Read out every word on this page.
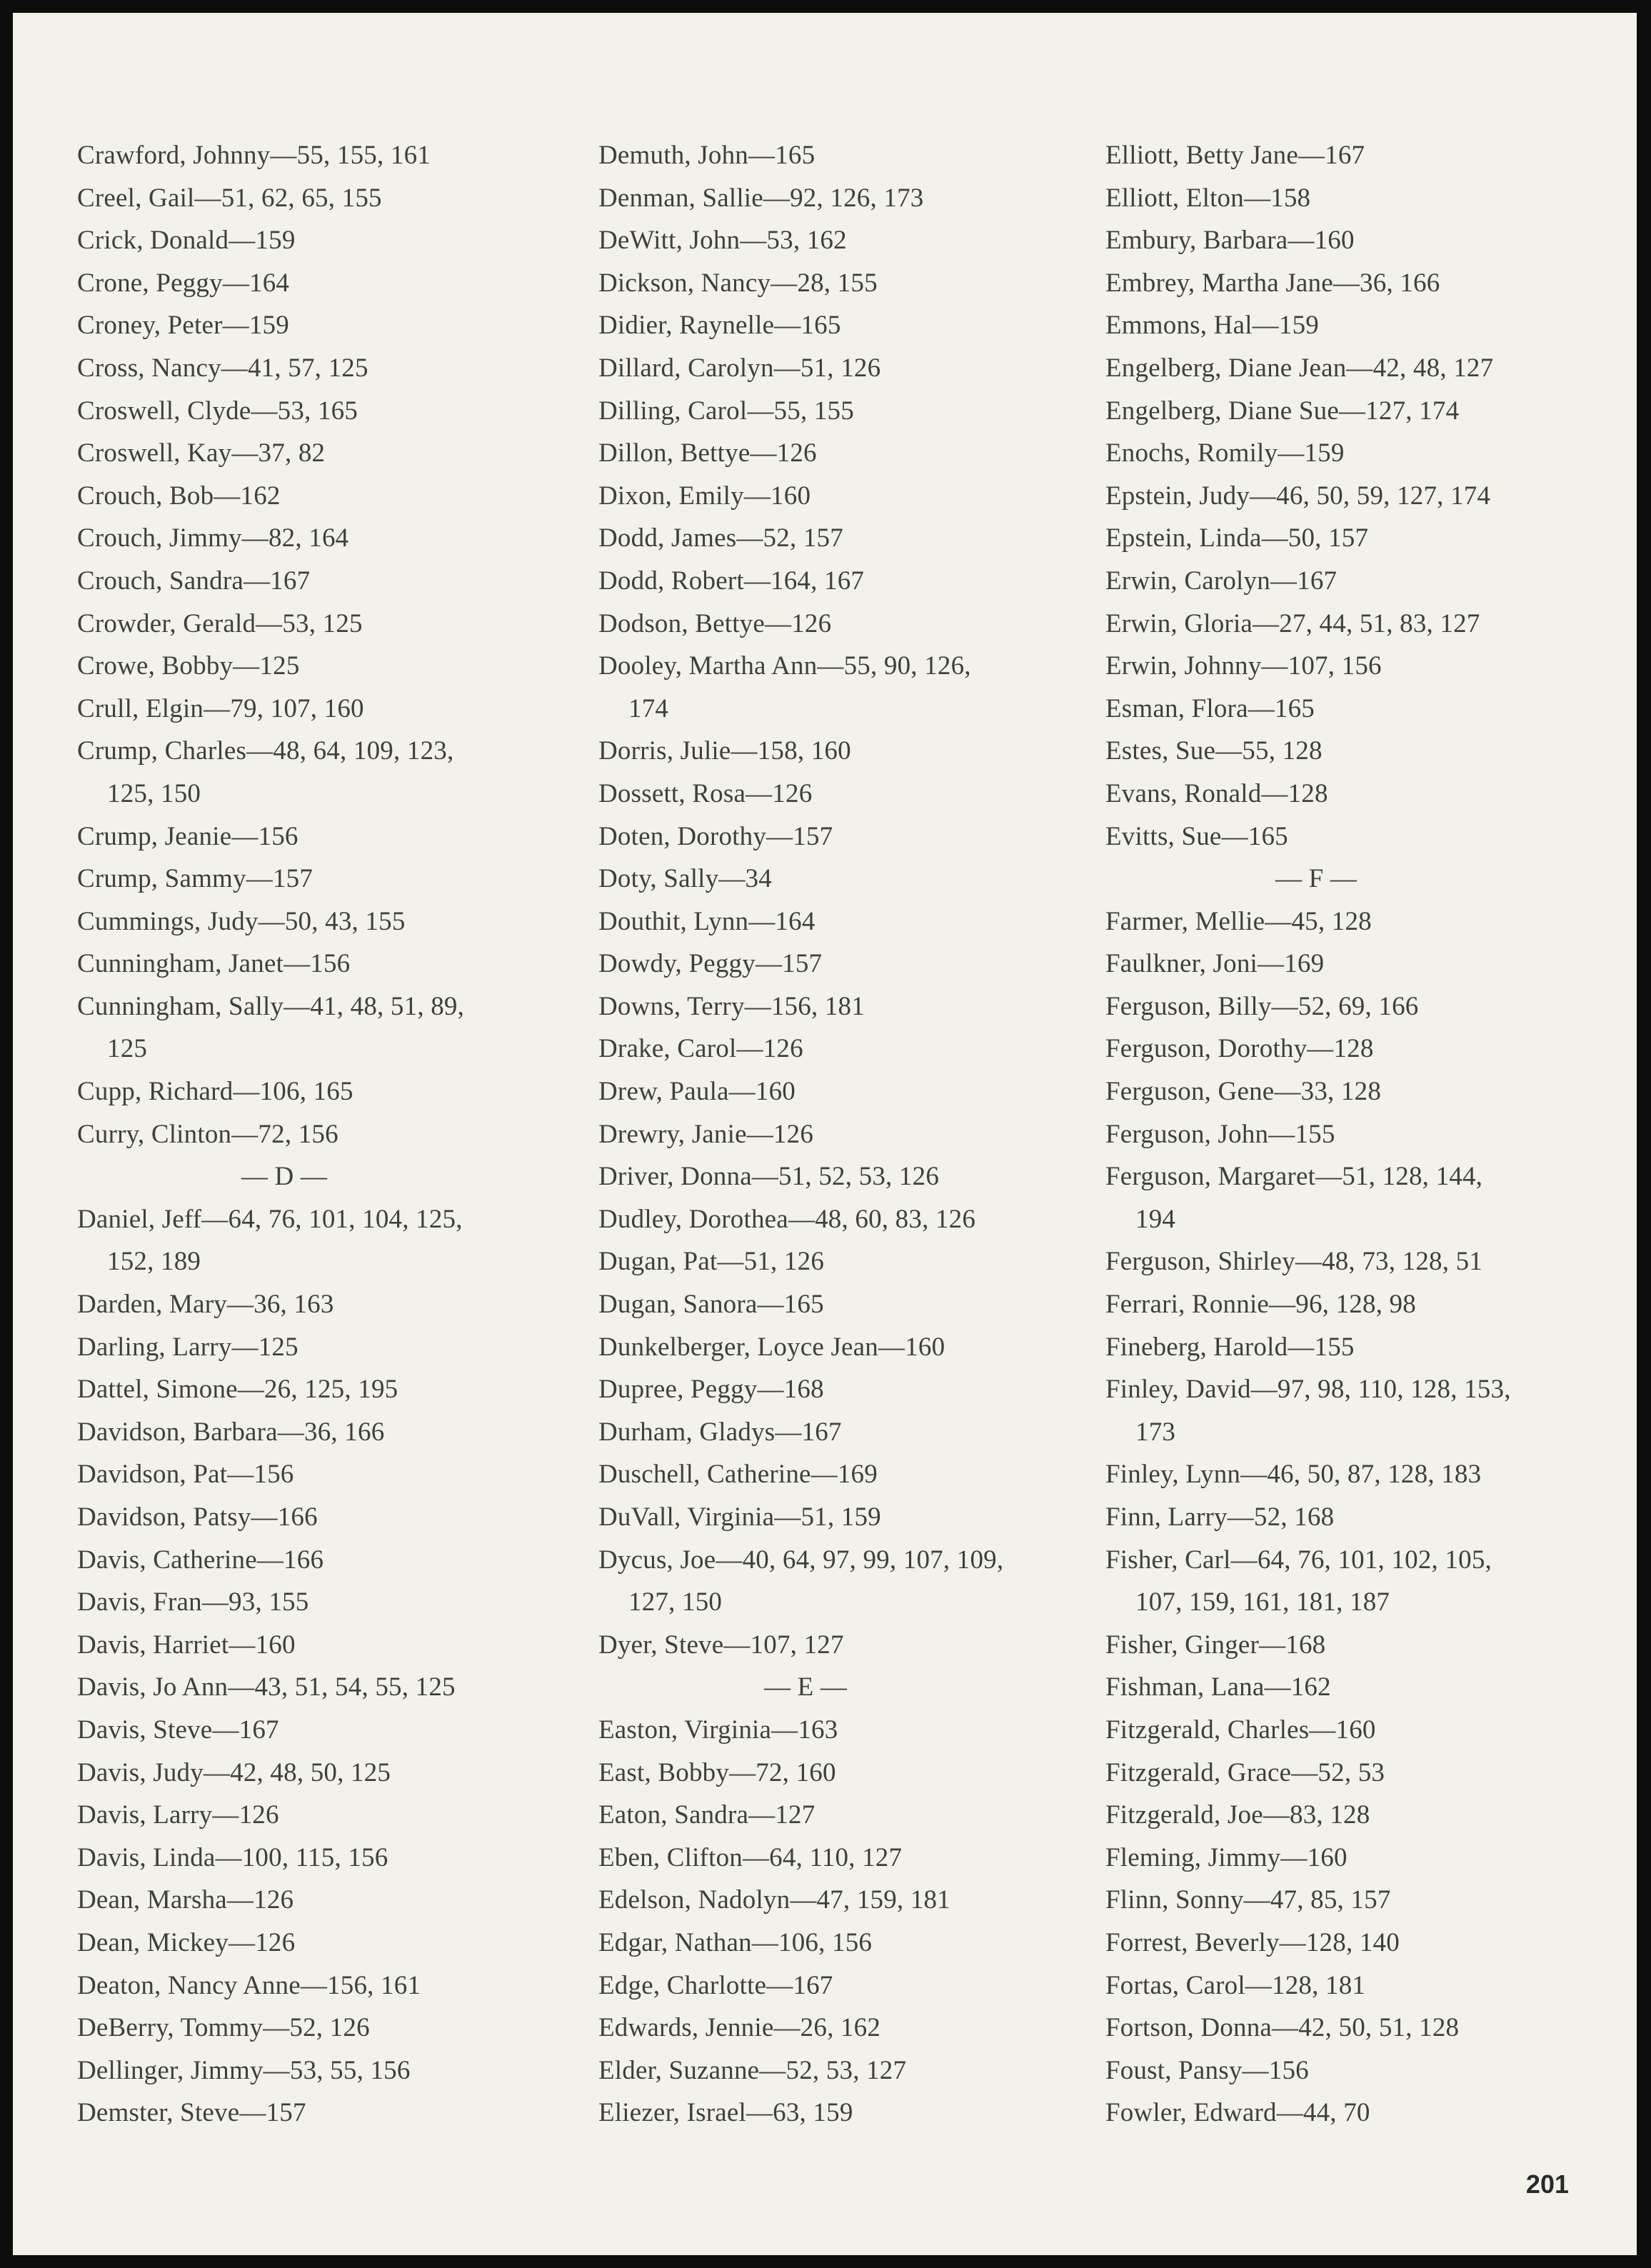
Crawford, Johnny—55, 155, 161
Creel, Gail—51, 62, 65, 155
Crick, Donald—159
Crone, Peggy—164
Croney, Peter—159
Cross, Nancy—41, 57, 125
Croswell, Clyde—53, 165
Croswell, Kay—37, 82
Crouch, Bob—162
Crouch, Jimmy—82, 164
Crouch, Sandra—167
Crowder, Gerald—53, 125
Crowe, Bobby—125
Crull, Elgin—79, 107, 160
Crump, Charles—48, 64, 109, 123,
125, 150
Crump, Jeanie—156
Crump, Sammy—157
Cummings, Judy—50, 43, 155
Cunningham, Janet—156
Cunningham, Sally—41, 48, 51, 89,
125
Cupp, Richard—106, 165
Curry, Clinton—72, 156
— D —
Daniel, Jeff—64, 76, 101, 104, 125,
152, 189
Darden, Mary—36, 163
Darling, Larry—125
Dattel, Simone—26, 125, 195
Davidson, Barbara—36, 166
Davidson, Pat—156
Davidson, Patsy—166
Davis, Catherine—166
Davis, Fran—93, 155
Davis, Harriet—160
Davis, Jo Ann—43, 51, 54, 55, 125
Davis, Steve—167
Davis, Judy—42, 48, 50, 125
Davis, Larry—126
Davis, Linda—100, 115, 156
Dean, Marsha—126
Dean, Mickey—126
Deaton, Nancy Anne—156, 161
DeBerry, Tommy—52, 126
Dellinger, Jimmy—53, 55, 156
Demster, Steve—157
Demuth, John—165
Denman, Sallie—92, 126, 173
DeWitt, John—53, 162
Dickson, Nancy—28, 155
Didier, Raynelle—165
Dillard, Carolyn—51, 126
Dilling, Carol—55, 155
Dillon, Bettye—126
Dixon, Emily—160
Dodd, James—52, 157
Dodd, Robert—164, 167
Dodson, Bettye—126
Dooley, Martha Ann—55, 90, 126,
174
Dorris, Julie—158, 160
Dossett, Rosa—126
Doten, Dorothy—157
Doty, Sally—34
Douthit, Lynn—164
Dowdy, Peggy—157
Downs, Terry—156, 181
Drake, Carol—126
Drew, Paula—160
Drewry, Janie—126
Driver, Donna—51, 52, 53, 126
Dudley, Dorothea—48, 60, 83, 126
Dugan, Pat—51, 126
Dugan, Sanora—165
Dunkelberger, Loyce Jean—160
Dupree, Peggy—168
Durham, Gladys—167
Duschell, Catherine—169
DuVall, Virginia—51, 159
Dycus, Joe—40, 64, 97, 99, 107, 109,
127, 150
Dyer, Steve—107, 127
— E —
Easton, Virginia—163
East, Bobby—72, 160
Eaton, Sandra—127
Eben, Clifton—64, 110, 127
Edelson, Nadolyn—47, 159, 181
Edgar, Nathan—106, 156
Edge, Charlotte—167
Edwards, Jennie—26, 162
Elder, Suzanne—52, 53, 127
Eliezer, Israel—63, 159
Elliott, Betty Jane—167
Elliott, Elton—158
Embury, Barbara—160
Embrey, Martha Jane—36, 166
Emmons, Hal—159
Engelberg, Diane Jean—42, 48, 127
Engelberg, Diane Sue—127, 174
Enochs, Romily—159
Epstein, Judy—46, 50, 59, 127, 174
Epstein, Linda—50, 157
Erwin, Carolyn—167
Erwin, Gloria—27, 44, 51, 83, 127
Erwin, Johnny—107, 156
Esman, Flora—165
Estes, Sue—55, 128
Evans, Ronald—128
Evitts, Sue—165
— F —
Farmer, Mellie—45, 128
Faulkner, Joni—169
Ferguson, Billy—52, 69, 166
Ferguson, Dorothy—128
Ferguson, Gene—33, 128
Ferguson, John—155
Ferguson, Margaret—51, 128, 144,
194
Ferguson, Shirley—48, 73, 128, 51
Ferrari, Ronnie—96, 128, 98
Fineberg, Harold—155
Finley, David—97, 98, 110, 128, 153,
173
Finley, Lynn—46, 50, 87, 128, 183
Finn, Larry—52, 168
Fisher, Carl—64, 76, 101, 102, 105,
107, 159, 161, 181, 187
Fisher, Ginger—168
Fishman, Lana—162
Fitzgerald, Charles—160
Fitzgerald, Grace—52, 53
Fitzgerald, Joe—83, 128
Fleming, Jimmy—160
Flinn, Sonny—47, 85, 157
Forrest, Beverly—128, 140
Fortas, Carol—128, 181
Fortson, Donna—42, 50, 51, 128
Foust, Pansy—156
Fowler, Edward—44, 70
201
